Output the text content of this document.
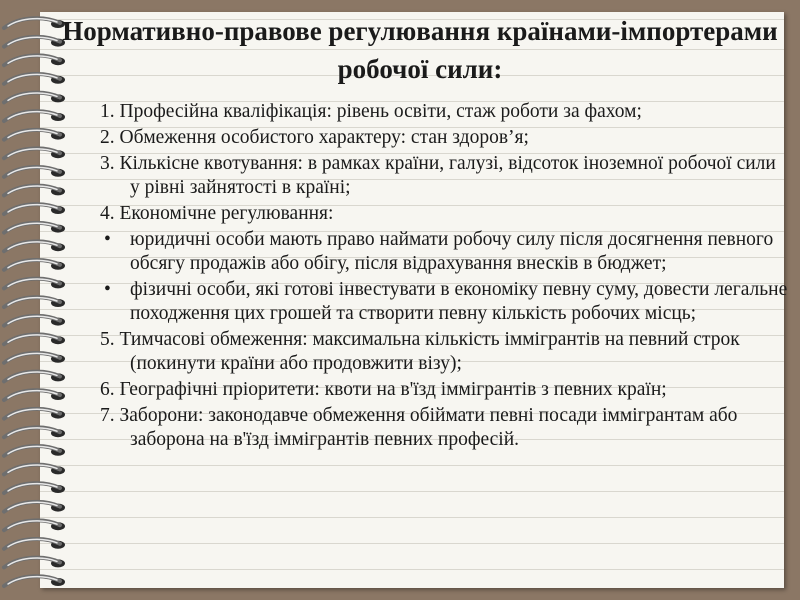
Нормативно-правове регулювання країнами-імпортерами робочої сили:
1. Професійна кваліфікація: рівень освіти, стаж роботи за фахом;
2. Обмеження особистого характеру: стан здоров’я;
3. Кількісне квотування: в рамках країни, галузі, відсоток іноземної робочої сили у рівні зайнятості в країні;
4. Економічне регулювання:
• юридичні особи мають право наймати робочу силу після досягнення певного обсягу продажів або обігу, після відрахування внесків в бюджет;
• фізичні особи, які готові інвестувати в економіку певну суму, довести легальне походження цих грошей та створити певну кількість робочих місць;
5. Тимчасові обмеження: максимальна кількість іммігрантів на певний строк (покинути країни або продовжити візу);
6. Географічні пріоритети: квоти на в'їзд іммігрантів з певних країн;
7. Заборони: законодавче обмеження обіймати певні посади іммігрантам або заборона на в'їзд іммігрантів певних професій.
